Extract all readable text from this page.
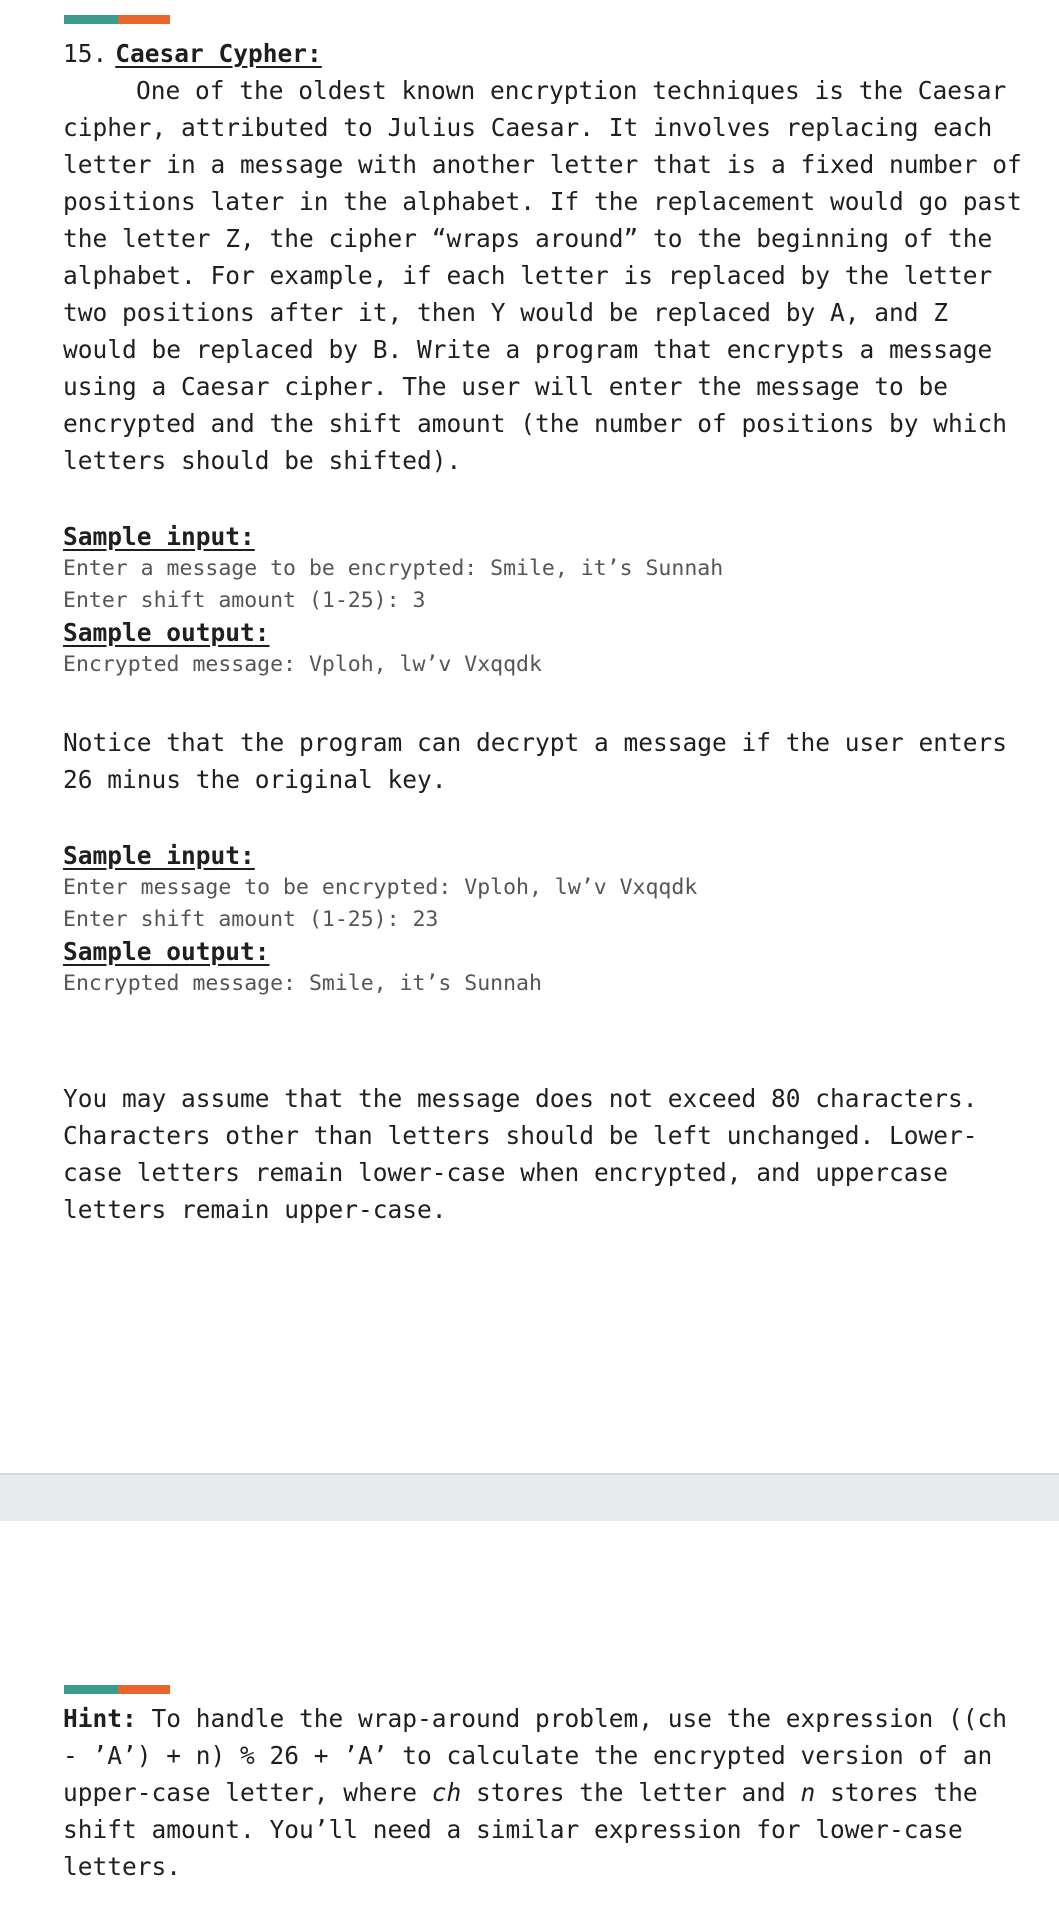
15. Caesar Cypher:

One of the oldest known encryption techniques is the Caesar cipher, attributed to Julius Caesar. It involves replacing each letter in a message with another letter that is a fixed number of positions later in the alphabet. If the replacement would go past the letter Z, the cipher “wraps around” to the beginning of the alphabet. For example, if each letter is replaced by the letter two positions after it, then Y would be replaced by A, and Z would be replaced by B. Write a program that encrypts a message using a Caesar cipher. The user will enter the message to be encrypted and the shift amount (the number of positions by which letters should be shifted).

Sample input:

Enter a message to be encrypted: Smile, it’s Sunnah

Enter shift amount (1-25): 3

Sample output:

Encrypted message: Vploh, lw’v Vxqqdk

Notice that the program can decrypt a message if the user enters 26 minus the original key.

Sample input:

Enter message to be encrypted: Vploh, lw’v Vxqqdk

Enter shift amount (1-25): 23

Sample output:

Encrypted message: Smile, it’s Sunnah

You may assume that the message does not exceed 80 characters. Characters other than letters should be left unchanged. Lower-case letters remain lower-case when encrypted, and uppercase letters remain upper-case.

Hint: To handle the wrap-around problem, use the expression ((ch - ’A’) + n) % 26 + ’A’ to calculate the encrypted version of an upper-case letter, where ch stores the letter and n stores the shift amount. You’ll need a similar expression for lower-case letters.
